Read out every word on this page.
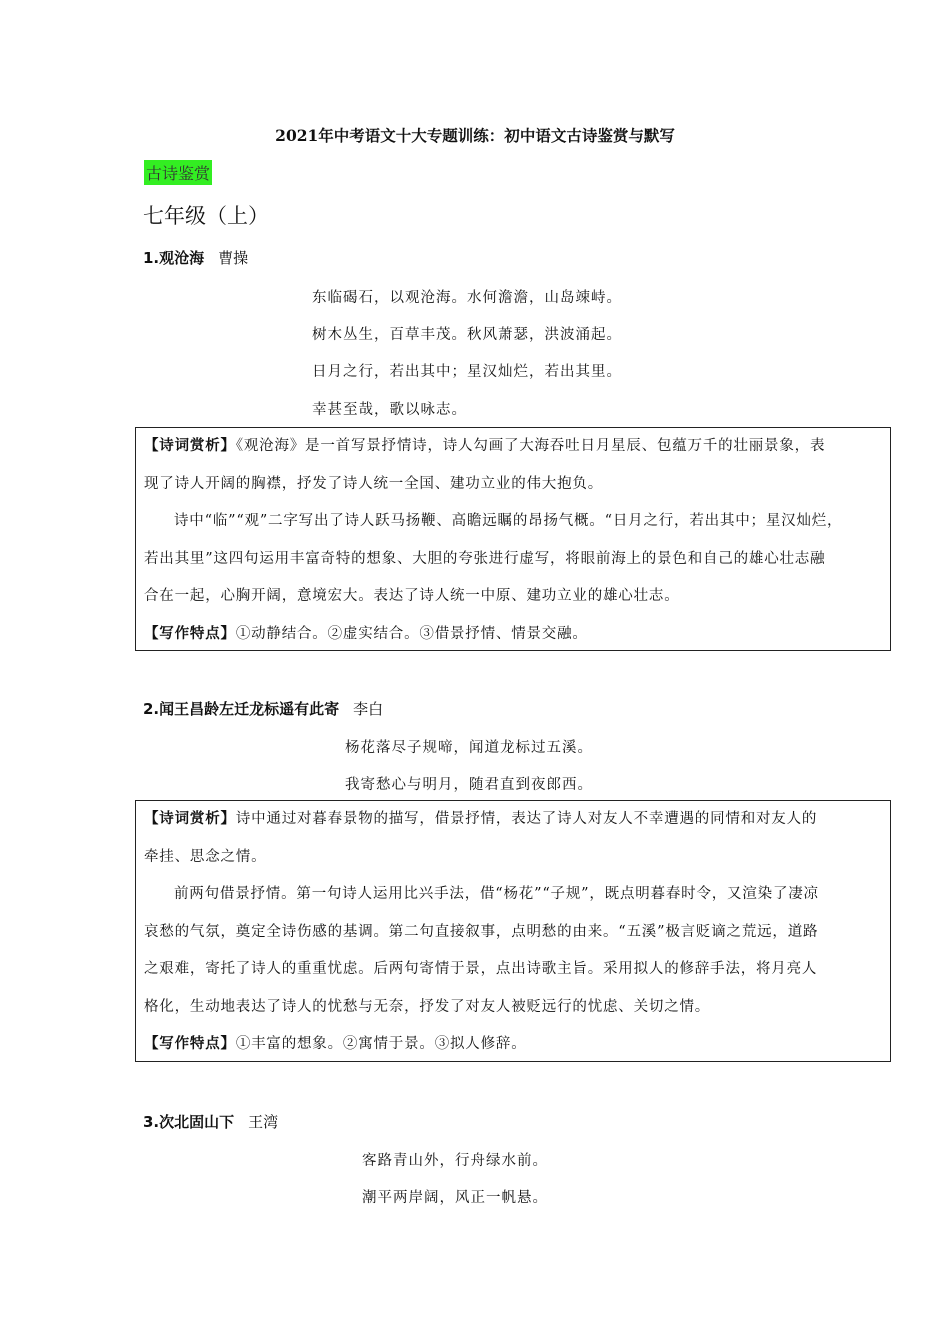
2021年中考语文十大专题训练：初中语文古诗鉴赏与默写
古诗鉴赏
七年级（上）
1.观沧海 曹操
东临碣石，以观沧海。水何澹澹，山岛竦峙。
树木丛生，百草丰茂。秋风萧瑟，洪波涌起。
日月之行，若出其中；星汉灿烂，若出其里。
幸甚至哉，歌以咏志。
【诗词赏析】《观沧海》是一首写景抒情诗，诗人勾画了大海吞吐日月星辰、包蕴万千的壮丽景象，表
现了诗人开阔的胸襟，抒发了诗人统一全国、建功立业的伟大抱负。
诗中“临”“观”二字写出了诗人跃马扬鞭、高瞻远瞩的昂扬气概。“日月之行，若出其中；星汉灿烂，
若出其里”这四句运用丰富奇特的想象、大胆的夸张进行虚写，将眼前海上的景色和自己的雄心壮志融
合在一起，心胸开阔，意境宏大。表达了诗人统一中原、建功立业的雄心壮志。
【写作特点】①动静结合。②虚实结合。③借景抒情、情景交融。
2.闻王昌龄左迁龙标遥有此寄 李白
杨花落尽子规啼，闻道龙标过五溪。
我寄愁心与明月，随君直到夜郎西。
【诗词赏析】诗中通过对暮春景物的描写，借景抒情，表达了诗人对友人不幸遭遇的同情和对友人的
牵挂、思念之情。
前两句借景抒情。第一句诗人运用比兴手法，借“杨花”“子规”，既点明暮春时令，又渲染了凄凉
哀愁的气氛，奠定全诗伤感的基调。第二句直接叙事，点明愁的由来。“五溪”极言贬谪之荒远，道路
之艰难，寄托了诗人的重重忧虑。后两句寄情于景，点出诗歌主旨。采用拟人的修辞手法，将月亮人
格化，生动地表达了诗人的忧愁与无奈，抒发了对友人被贬远行的忧虑、关切之情。
【写作特点】①丰富的想象。②寓情于景。③拟人修辞。
3.次北固山下 王湾
客路青山外，行舟绿水前。
潮平两岸阔，风正一帆悬。
